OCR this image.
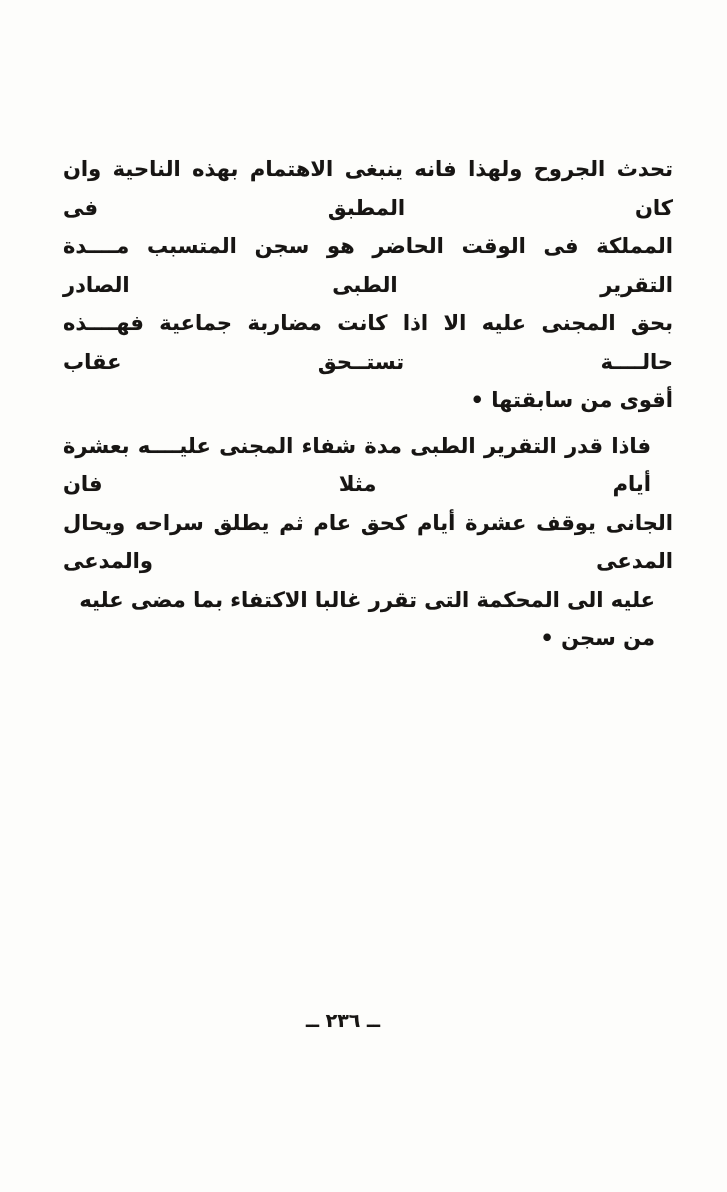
تحدث الجروح ولهذا فانه ينبغى الاهتمام بهذه الناحية وان كان المطبق فى
المملكة فى الوقت الحاضر هو سجن المتسبب مــــدة التقرير الطبى الصادر
بحق المجنى عليه الا اذا كانت مضاربة جماعية فهــــذه حالــــة تستــحق عقاب
أقوى من سابقتها •
فاذا قدر التقرير الطبى مدة شفاء المجنى عليــــه بعشرة أيام مثلا فان
الجانى يوقف عشرة أيام كحق عام ثم يطلق سراحه ويحال المدعى والمدعى
عليه الى المحكمة التى تقرر غالبا الاكتفاء بما مضى عليه من سجن •
ــ ٢٣٦ ــ
